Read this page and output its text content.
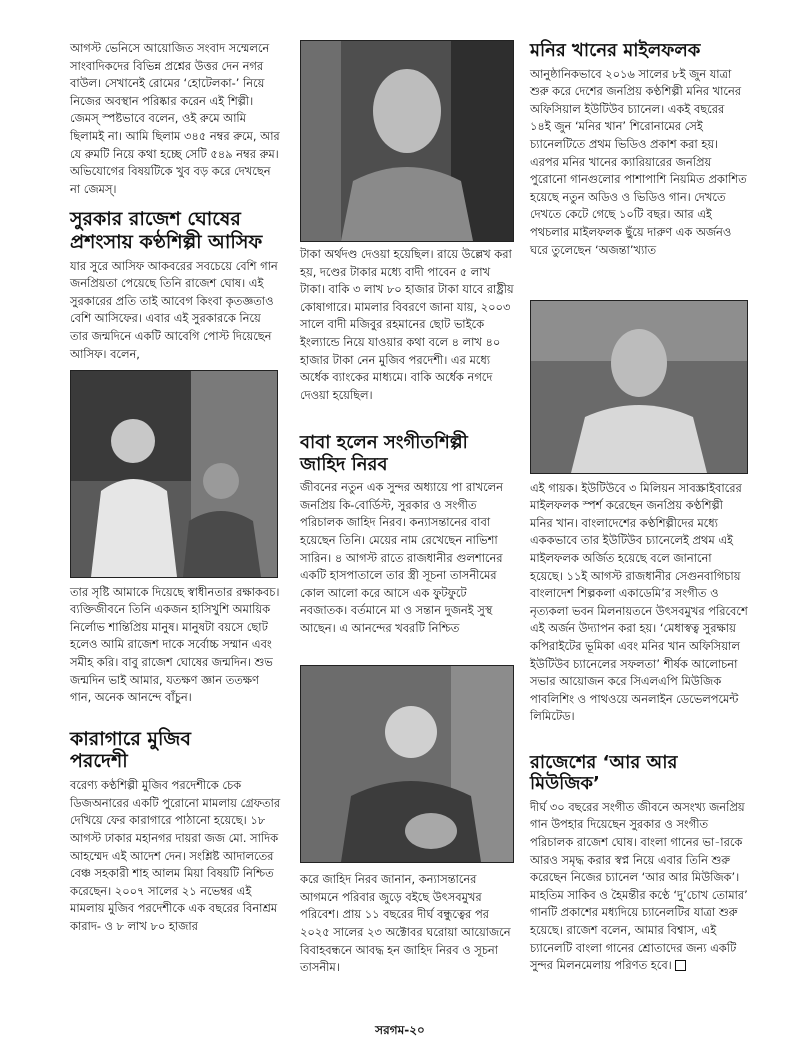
আগস্ট ভেনিসে আয়োজিত সংবাদ সম্মেলনে সাংবাদিকদের বিভিন্ন প্রশ্নের উত্তর দেন নগর বাউল। সেখানেই রোমের ‘হোটেলকা-’ নিয়ে নিজের অবস্থান পরিষ্কার করেন এই শিল্পী। জেমস্ স্পষ্টভাবে বলেন, ওই রুমে আমি ছিলামই না। আমি ছিলাম ৩৪৫ নম্বর রুমে, আর যে রুমটি নিয়ে কথা হচ্ছে সেটি ৫৪৯ নম্বর রুম। অভিযোগের বিষয়টিকে খুব বড় করে দেখছেন না জেমস্।

সুরকার রাজেশ ঘোষের প্রশংসায় কণ্ঠশিল্পী আসিফ

যার সুরে আসিফ আকবরের সবচেয়ে বেশি গান জনপ্রিয়তা পেয়েছে তিনি রাজেশ ঘোষ। এই সুরকারের প্রতি তাই আবেগ কিংবা কৃতজ্ঞতাও বেশি আসিফের। এবার এই সুরকারকে নিয়ে তার জন্মদিনে একটি আবেগি পোস্ট দিয়েছেন আসিফ। বলেন,

তার সৃষ্টি আমাকে দিয়েছে স্বাধীনতার রক্ষাকবচ। ব্যক্তিজীবনে তিনি একজন হাসিখুশি অমায়িক নির্লোভ শান্তিপ্রিয় মানুষ। মানুষটা বয়সে ছোট হলেও আমি রাজেশ দাকে সর্বোচ্চ সম্মান এবং সমীহ করি। বাবু রাজেশ ঘোষের জন্মদিন। শুভ জন্মদিন ভাই আমার, যতক্ষণ জ্ঞান ততক্ষণ গান, অনেক আনন্দে বাঁচুন।

কারাগারে মুজিব পরদেশী

বরেণ্য কণ্ঠশিল্পী মুজিব পরদেশীকে চেক ডিজঅনারের একটি পুরোনো মামলায় গ্রেফতার দেখিয়ে ফের কারাগারে পাঠানো হয়েছে। ১৮ আগস্ট ঢাকার মহানগর দায়রা জজ মো. সাদিক আহম্মেদ এই আদেশ দেন। সংশ্লিষ্ট আদালতের বেঞ্চ সহকারী শাহ আলম মিয়া বিষয়টি নিশ্চিত করেছেন। ২০০৭ সালের ২১ নভেম্বর এই মামলায় মুজিব পরদেশীকে এক বছরের বিনাশ্রম কারাদ- ও ৮ লাখ ৮০ হাজার

টাকা অর্থদণ্ড দেওয়া হয়েছিল। রায়ে উল্লেখ করা হয়, দণ্ডের টাকার মধ্যে বাদী পাবেন ৫ লাখ টাকা। বাকি ৩ লাখ ৮০ হাজার টাকা যাবে রাষ্ট্রীয় কোষাগারে। মামলার বিবরণে জানা যায়, ২০০৩ সালে বাদী মজিবুর রহমানের ছোট ভাইকে ইংল্যান্ডে নিয়ে যাওয়ার কথা বলে ৪ লাখ ৪০ হাজার টাকা নেন মুজিব পরদেশী। এর মধ্যে অর্ধেক ব্যাংকের মাধ্যমে। বাকি অর্ধেক নগদে দেওয়া হয়েছিল।

বাবা হলেন সংগীতশিল্পী জাহিদ নিরব

জীবনের নতুন এক সুন্দর অধ্যায়ে পা রাখলেন জনপ্রিয় কি-বোর্ডিস্ট, সুরকার ও সংগীত পরিচালক জাহিদ নিরব। কন্যাসন্তানের বাবা হয়েছেন তিনি। মেয়ের নাম রেখেছেন নাভিশা সারিন। ৪ আগস্ট রাতে রাজধানীর গুলশানের একটি হাসপাতালে তার স্ত্রী সূচনা তাসনীমের কোল আলো করে আসে এক ফুটফুটে নবজাতক। বর্তমানে মা ও সন্তান দুজনই সুস্থ আছেন। এ আনন্দের খবরটি নিশ্চিত

করে জাহিদ নিরব জানান, কন্যাসন্তানের আগমনে পরিবার জুড়ে বইছে উৎসবমুখর পরিবেশ। প্রায় ১১ বছরের দীর্ঘ বন্ধুত্বের পর ২০২৫ সালের ২৩ অক্টোবর ঘরোয়া আয়োজনে বিবাহবন্ধনে আবদ্ধ হন জাহিদ নিরব ও সূচনা তাসনীম।

মনির খানের মাইলফলক

আনুষ্ঠানিকভাবে ২০১৬ সালের ৮ই জুন যাত্রা শুরু করে দেশের জনপ্রিয় কণ্ঠশিল্পী মনির খানের অফিসিয়াল ইউটিউব চ্যানেল। একই বছরের ১৪ই জুন ‘মনির খান’ শিরোনামের সেই চ্যানেলটিতে প্রথম ভিডিও প্রকাশ করা হয়। এরপর মনির খানের ক্যারিয়ারের জনপ্রিয় পুরোনো গানগুলোর পাশাপাশি নিয়মিত প্রকাশিত হয়েছে নতুন অডিও ও ভিডিও গান। দেখতে দেখতে কেটে গেছে ১০টি বছর। আর এই পথচলার মাইলফলক ছুঁয়ে দারুণ এক অর্জনও ঘরে তুলেছেন ‘অজন্তা’খ্যাত

এই গায়ক। ইউটিউবে ৩ মিলিয়ন সাবস্ক্রাইবারের মাইলফলক স্পর্শ করেছেন জনপ্রিয় কণ্ঠশিল্পী মনির খান। বাংলাদেশের কণ্ঠশিল্পীদের মধ্যে এককভাবে তার ইউটিউব চ্যানেলেই প্রথম এই মাইলফলক অর্জিত হয়েছে বলে জানানো হয়েছে। ১১ই আগস্ট রাজধানীর সেগুনবাগিচায় বাংলাদেশ শিল্পকলা একাডেমি’র সংগীত ও নৃত্যকলা ভবন মিলনায়তনে উৎসবমুখর পরিবেশে এই অর্জন উদ্যাপন করা হয়। ‘মেধাস্বত্ব সুরক্ষায় কপিরাইটের ভূমিকা এবং মনির খান অফিসিয়াল ইউটিউব চ্যানেলের সফলতা’ শীর্ষক আলোচনা সভার আয়োজন করে সিএলএপি মিউজিক পাবলিশিং ও পাথওয়ে অনলাইন ডেভেলপমেন্ট লিমিটেড।

রাজেশের ‘আর আর মিউজিক’

দীর্ঘ ৩০ বছরের সংগীত জীবনে অসংখ্য জনপ্রিয় গান উপহার দিয়েছেন সুরকার ও সংগীত পরিচালক রাজেশ ঘোষ। বাংলা গানের ভা-ারকে আরও সমৃদ্ধ করার স্বপ্ন নিয়ে এবার তিনি শুরু করেছেন নিজের চ্যানেল ‘আর আর মিউজিক’। মাহতিম সাকিব ও হৈমন্তীর কণ্ঠে ‘দু’চোখ তোমার’ গানটি প্রকাশের মধ্যদিয়ে চ্যানেলটির যাত্রা শুরু হয়েছে। রাজেশ বলেন, আমার বিশ্বাস, এই চ্যানেলটি বাংলা গানের শ্রোতাদের জন্য একটি সুন্দর মিলনমেলায় পরিণত হবে।

সরগম-২০
